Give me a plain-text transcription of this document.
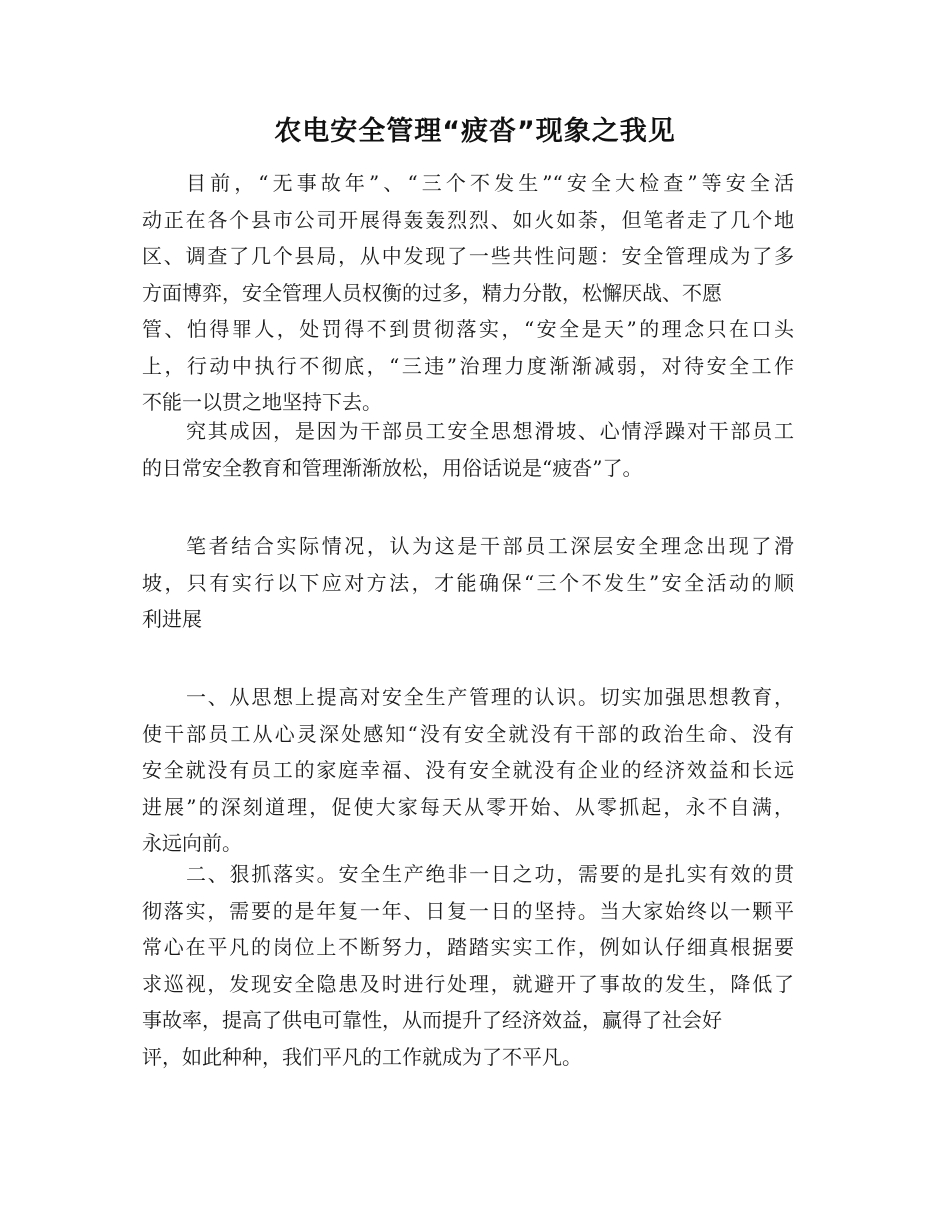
农电安全管理“疲沓”现象之我见
目前，“无事故年”、“三个不发生”“安全大检查”等安全活
动正在各个县市公司开展得轰轰烈烈、如火如荼，但笔者走了几个地
区、调查了几个县局，从中发现了一些共性问题：安全管理成为了多
方面博弈，安全管理人员权衡的过多，精力分散，松懈厌战、不愿
管、怕得罪人，处罚得不到贯彻落实，“安全是天”的理念只在口头
上，行动中执行不彻底，“三违”治理力度渐渐减弱，对待安全工作
不能一以贯之地坚持下去。
究其成因，是因为干部员工安全思想滑坡、心情浮躁对干部员工
的日常安全教育和管理渐渐放松，用俗话说是“疲沓”了。
笔者结合实际情况，认为这是干部员工深层安全理念出现了滑
坡，只有实行以下应对方法，才能确保“三个不发生”安全活动的顺
利进展
一、从思想上提高对安全生产管理的认识。切实加强思想教育，
使干部员工从心灵深处感知“没有安全就没有干部的政治生命、没有
安全就没有员工的家庭幸福、没有安全就没有企业的经济效益和长远
进展”的深刻道理，促使大家每天从零开始、从零抓起，永不自满，
永远向前。
二、狠抓落实。安全生产绝非一日之功，需要的是扎实有效的贯
彻落实，需要的是年复一年、日复一日的坚持。当大家始终以一颗平
常心在平凡的岗位上不断努力，踏踏实实工作，例如认仔细真根据要
求巡视，发现安全隐患及时进行处理，就避开了事故的发生，降低了
事故率，提高了供电可靠性，从而提升了经济效益，赢得了社会好
评，如此种种，我们平凡的工作就成为了不平凡。
